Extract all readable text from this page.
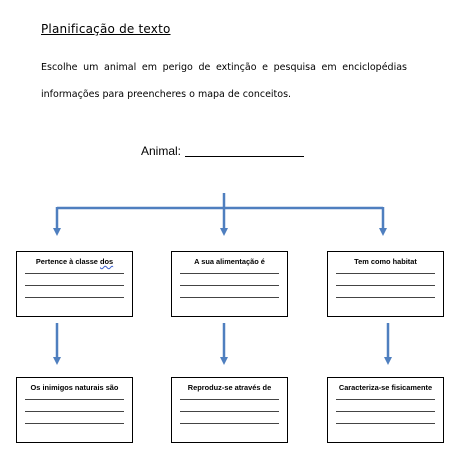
Planificação de texto
Escolhe um animal em perigo de extinção e pesquisa em enciclopédias
informações para preencheres o mapa de conceitos.
Animal:
Pertence à classe dos	A sua alimentação é	Tem como habitat
Os inimigos naturais são	Reproduz-se através de	Caracteriza-se fisicamente
